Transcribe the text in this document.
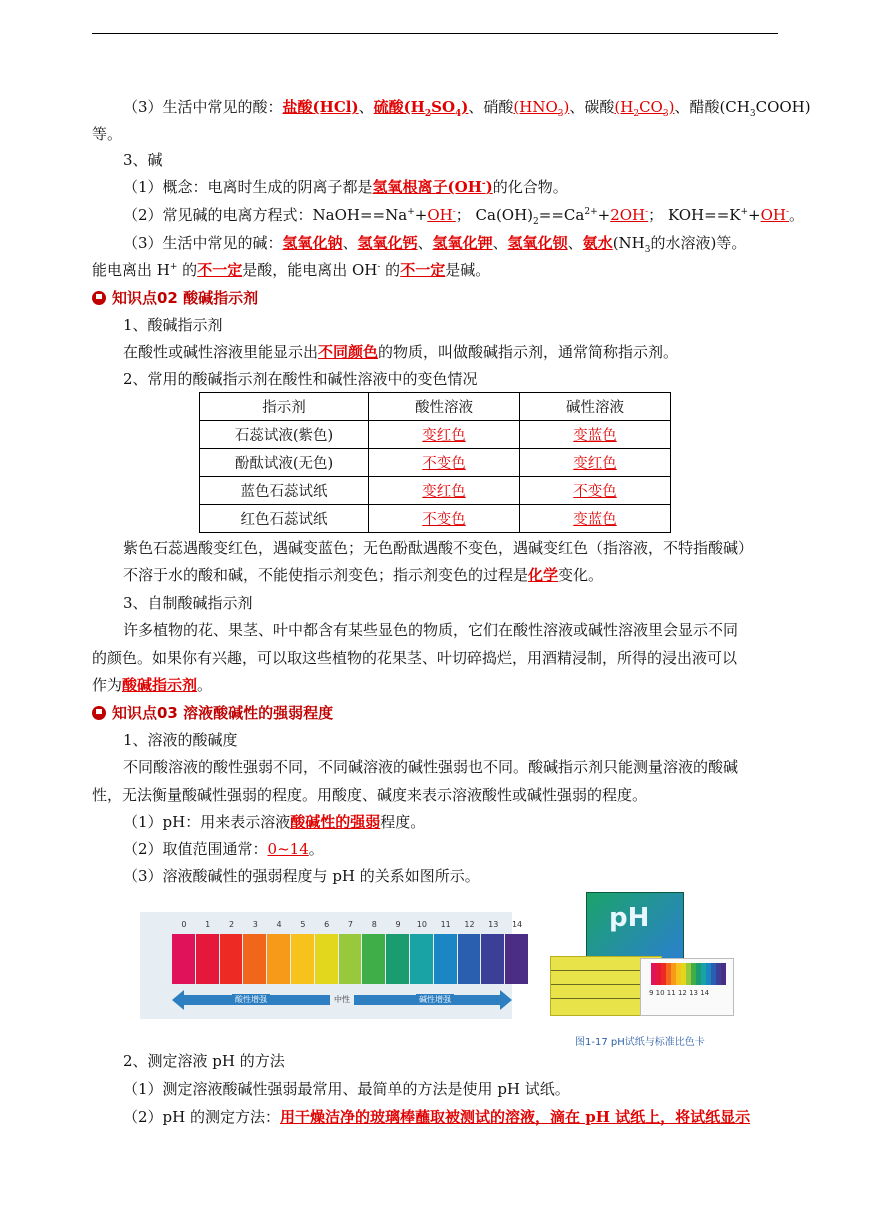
（3）生活中常见的酸：盐酸(HCl)、硫酸$(H_2SO_4)$、硝酸$(HNO_3)$、碳酸$(H_2CO_3)$、醋酸$(CH_3COOH)$
等。
3、碱
（1）概念：电离时生成的阴离子都是氢氧根离子(OH-)的化合物。
（2）常见碱的电离方程式：NaOH==Na++OH-； $Ca(OH)_2==Ca^{2+}+2OH^-$； KOH==K++OH-。
（3）生活中常见的碱：氢氧化钠、氢氧化钙、氢氧化钾、氢氧化钡、氨水($NH_3$的水溶液)等。
能电离出 H+ 的不一定是酸，能电离出 OH- 的不一定是碱。
知识点02 酸碱指示剂
1、酸碱指示剂
在酸性或碱性溶液里能显示出不同颜色的物质，叫做酸碱指示剂，通常简称指示剂。
2、常用的酸碱指示剂在酸性和碱性溶液中的变色情况
指示剂	酸性溶液	碱性溶液
石蕊试液(紫色)	变红色	变蓝色
酚酞试液(无色)	不变色	变红色
蓝色石蕊试纸	变红色	不变色
红色石蕊试纸	不变色	变蓝色
紫色石蕊遇酸变红色，遇碱变蓝色；无色酚酞遇酸不变色，遇碱变红色（指溶液，不特指酸碱）
不溶于水的酸和碱，不能使指示剂变色；指示剂变色的过程是化学变化。
3、自制酸碱指示剂
许多植物的花、果茎、叶中都含有某些显色的物质，它们在酸性溶液或碱性溶液里会显示不同
的颜色。如果你有兴趣，可以取这些植物的花果茎、叶切碎捣烂，用酒精浸制，所得的浸出液可以
作为酸碱指示剂。
知识点03 溶液酸碱性的强弱程度
1、溶液的酸碱度
不同酸溶液的酸性强弱不同，不同碱溶液的碱性强弱也不同。酸碱指示剂只能测量溶液的酸碱
性，无法衡量酸碱性强弱的程度。用酸度、碱度来表示溶液酸性或碱性强弱的程度。
（1）pH：用来表示溶液酸碱性的强弱程度。
（2）取值范围通常：0~14。
（3）溶液酸碱性的强弱程度与 pH 的关系如图所示。
0	1	2	3	4	5	6	7	8	9	10	11	12	13	14
酸性增强	中性	碱性增强
pH
9 10 11 12 13 14
图1-17 pH试纸与标准比色卡
2、测定溶液 pH 的方法
（1）测定溶液酸碱性强弱最常用、最简单的方法是使用 pH 试纸。
（2）pH 的测定方法：用干燥洁净的玻璃棒蘸取被测试的溶液，滴在 pH 试纸上，将试纸显示
